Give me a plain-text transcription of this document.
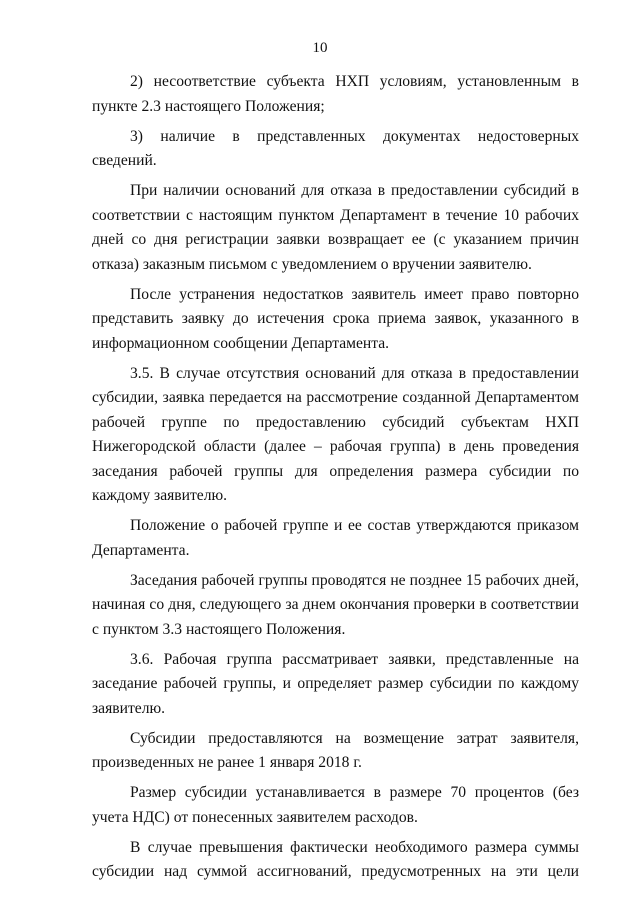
10

2) несоответствие субъекта НХП условиям, установленным в пункте 2.3 настоящего Положения;

3) наличие в представленных документах недостоверных сведений.

При наличии оснований для отказа в предоставлении субсидий в соответствии с настоящим пунктом Департамент в течение 10 рабочих дней со дня регистрации заявки возвращает ее (с указанием причин отказа) заказным письмом с уведомлением о вручении заявителю.

После устранения недостатков заявитель имеет право повторно представить заявку до истечения срока приема заявок, указанного в информационном сообщении Департамента.

3.5. В случае отсутствия оснований для отказа в предоставлении субсидии, заявка передается на рассмотрение созданной Департаментом рабочей группе по предоставлению субсидий субъектам НХП Нижегородской области (далее – рабочая группа) в день проведения заседания рабочей группы для определения размера субсидии по каждому заявителю.

Положение о рабочей группе и ее состав утверждаются приказом Департамента.

Заседания рабочей группы проводятся не позднее 15 рабочих дней, начиная со дня, следующего за днем окончания проверки в соответствии с пунктом 3.3 настоящего Положения.

3.6. Рабочая группа рассматривает заявки, представленные на заседание рабочей группы, и определяет размер субсидии по каждому заявителю.

Субсидии предоставляются на возмещение затрат заявителя, произведенных не ранее 1 января 2018 г.

Размер субсидии устанавливается в размере 70 процентов (без учета НДС) от понесенных заявителем расходов.

В случае превышения фактически необходимого размера суммы субсидии над суммой ассигнований, предусмотренных на эти цели
